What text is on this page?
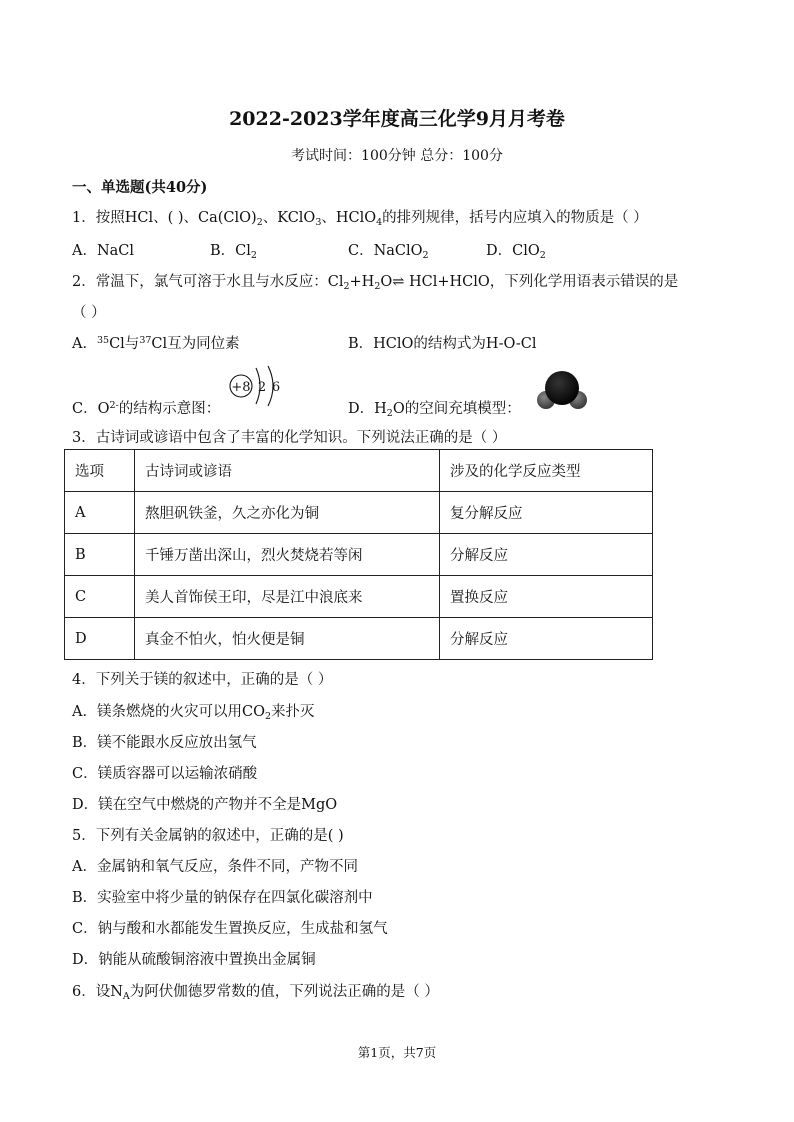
2022-2023学年度高三化学9月月考卷
考试时间：100分钟 总分：100分
一、单选题(共40分)
1．按照HCl、( )、$Ca(ClO)_2$、KClO$_3$、HClO$_4$的排列规律，括号内应填入的物质是（ ）
A．NaCl	B．$Cl_2$	C．NaClO$_2$	D．ClO$_2$
2．常温下，氯气可溶于水且与水反应：$Cl_2+H_2O\rightleftharpoons$ HCl+HClO，下列化学用语表示错误的是
（ ）
A．$^{35}$Cl与$^{37}$Cl互为同位素	B．HClO的结构式为H-O-Cl
C．$O^{2-}$的结构示意图：
+8 2 6
D．$H_2O$的空间充填模型：
3．古诗词或谚语中包含了丰富的化学知识。下列说法正确的是（ ）
选项	古诗词或谚语	涉及的化学反应类型
A	熬胆矾铁釜，久之亦化为铜	复分解反应
B	千锤万凿出深山，烈火焚烧若等闲	分解反应
C	美人首饰侯王印，尽是江中浪底来	置换反应
D	真金不怕火，怕火便是铜	分解反应
4．下列关于镁的叙述中，正确的是（ ）
A．镁条燃烧的火灾可以用$CO_2$来扑灭
B．镁不能跟水反应放出氢气
C．镁质容器可以运输浓硝酸
D．镁在空气中燃烧的产物并不全是MgO
5．下列有关金属钠的叙述中，正确的是( )
A．金属钠和氧气反应，条件不同，产物不同
B．实验室中将少量的钠保存在四氯化碳溶剂中
C．钠与酸和水都能发生置换反应，生成盐和氢气
D．钠能从硫酸铜溶液中置换出金属铜
6．设$N_A$为阿伏伽德罗常数的值，下列说法正确的是（ ）
第1页，共7页
